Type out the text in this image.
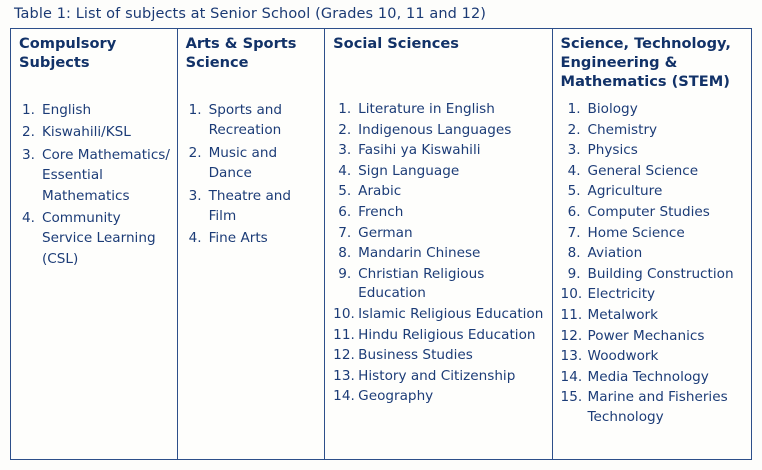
Table 1: List of subjects at Senior School (Grades 10, 11 and 12)
Compulsory Subjects
1. English
2. Kiswahili/KSL
3. Core Mathematics/ Essential Mathematics
4. Community Service Learning (CSL)
Arts & Sports Science
1. Sports and Recreation
2. Music and Dance
3. Theatre and Film
4. Fine Arts
Social Sciences
1. Literature in English
2. Indigenous Languages
3. Fasihi ya Kiswahili
4. Sign Language
5. Arabic
6. French
7. German
8. Mandarin Chinese
9. Christian Religious Education
10. Islamic Religious Education
11. Hindu Religious Education
12. Business Studies
13. History and Citizenship
14. Geography
Science, Technology, Engineering & Mathematics (STEM)
1. Biology
2. Chemistry
3. Physics
4. General Science
5. Agriculture
6. Computer Studies
7. Home Science
8. Aviation
9. Building Construction
10. Electricity
11. Metalwork
12. Power Mechanics
13. Woodwork
14. Media Technology
15. Marine and Fisheries Technology
